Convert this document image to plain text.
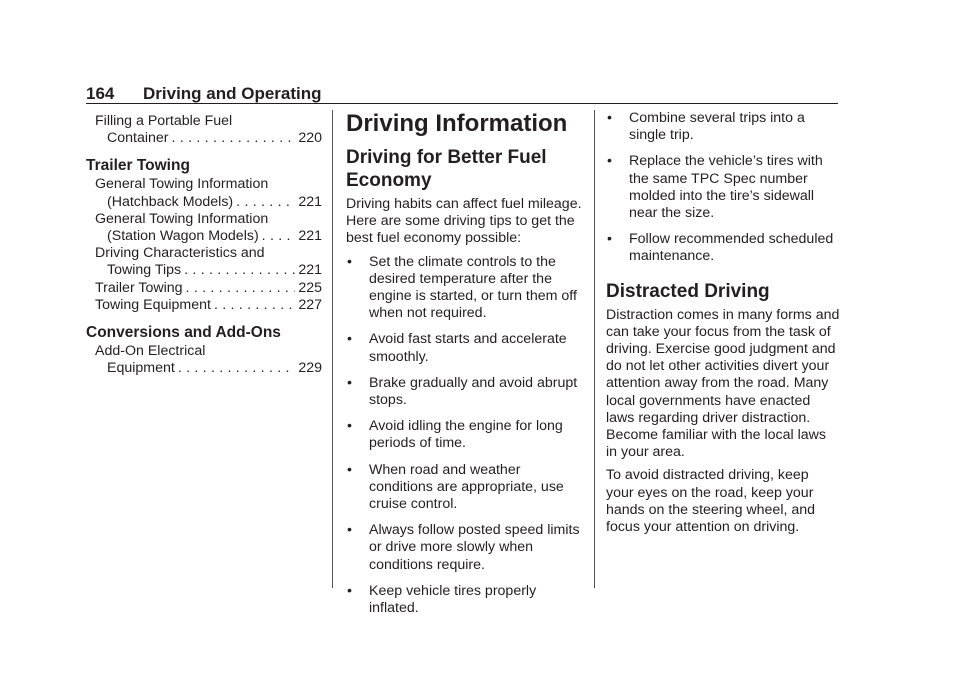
164 Driving and Operating
Filling a Portable Fuel
Container . . .	220
Trailer Towing
General Towing Information
(Hatchback Models) . . .	221
General Towing Information
(Station Wagon Models) . . .	221
Driving Characteristics and
Towing Tips . . .	221
Trailer Towing . . .	225
Towing Equipment . . .	227
Conversions and Add-Ons
Add-On Electrical
Equipment . . .	229
Driving Information
Driving for Better Fuel Economy

Driving habits can affect fuel mileage. Here are some driving tips to get the best fuel economy possible:

• Set the climate controls to the desired temperature after the engine is started, or turn them off when not required.
• Avoid fast starts and accelerate smoothly.
• Brake gradually and avoid abrupt stops.
• Avoid idling the engine for long periods of time.
• When road and weather conditions are appropriate, use cruise control.
• Always follow posted speed limits or drive more slowly when conditions require.
• Keep vehicle tires properly inflated.
• Combine several trips into a single trip.
• Replace the vehicle’s tires with the same TPC Spec number molded into the tire’s sidewall near the size.
• Follow recommended scheduled maintenance.
Distracted Driving

Distraction comes in many forms and can take your focus from the task of driving. Exercise good judgment and do not let other activities divert your attention away from the road. Many local governments have enacted laws regarding driver distraction. Become familiar with the local laws in your area.

To avoid distracted driving, keep your eyes on the road, keep your hands on the steering wheel, and focus your attention on driving.
